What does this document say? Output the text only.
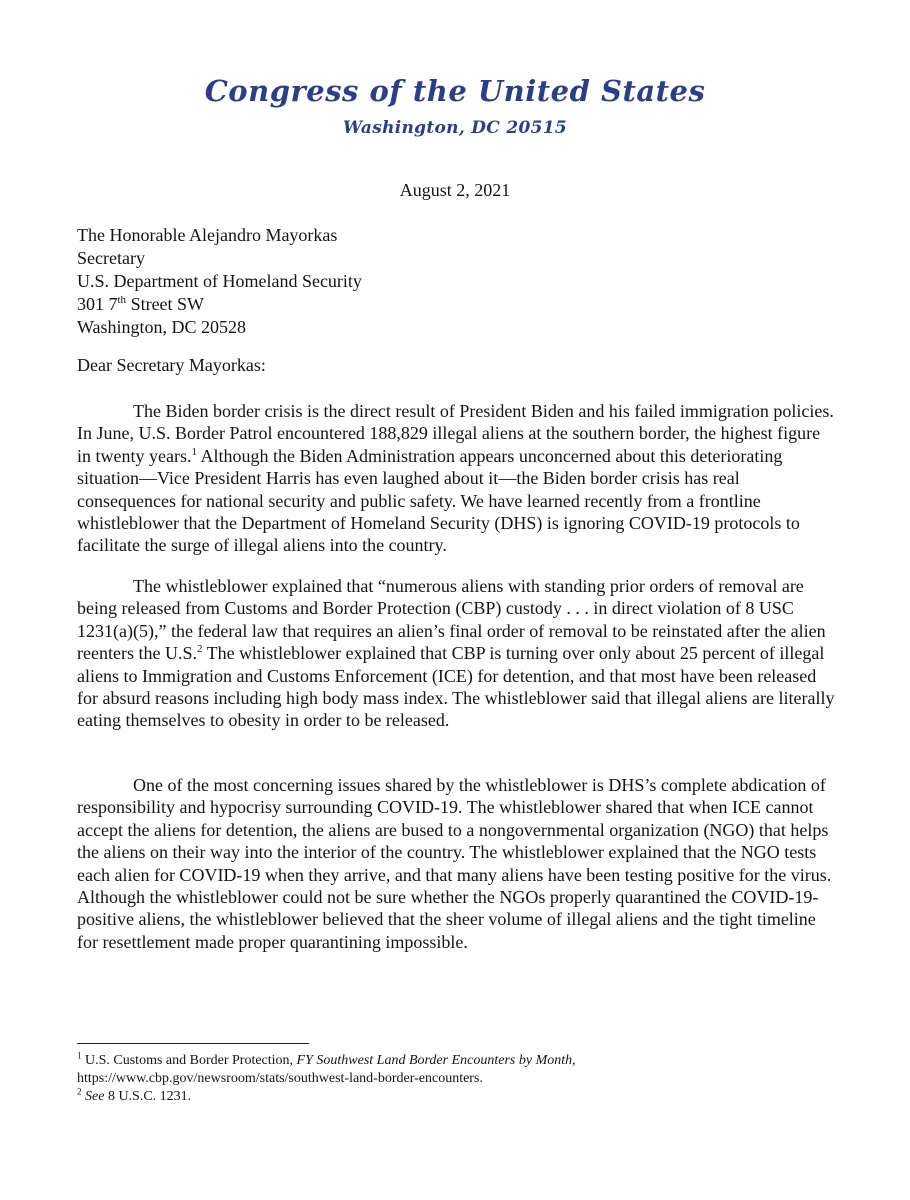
Congress of the United States
Washington, DC 20515
August 2, 2021
The Honorable Alejandro Mayorkas
Secretary
U.S. Department of Homeland Security
301 7th Street SW
Washington, DC 20528
Dear Secretary Mayorkas:

The Biden border crisis is the direct result of President Biden and his failed immigration policies. In June, U.S. Border Patrol encountered 188,829 illegal aliens at the southern border, the highest figure in twenty years.$^1$ Although the Biden Administration appears unconcerned about this deteriorating situation—Vice President Harris has even laughed about it—the Biden border crisis has real consequences for national security and public safety. We have learned recently from a frontline whistleblower that the Department of Homeland Security (DHS) is ignoring COVID-19 protocols to facilitate the surge of illegal aliens into the country.

The whistleblower explained that “numerous aliens with standing prior orders of removal are being released from Customs and Border Protection (CBP) custody . . . in direct violation of 8 USC 1231(a)(5),” the federal law that requires an alien’s final order of removal to be reinstated after the alien reenters the U.S.$^2$ The whistleblower explained that CBP is turning over only about 25 percent of illegal aliens to Immigration and Customs Enforcement (ICE) for detention, and that most have been released for absurd reasons including high body mass index. The whistleblower said that illegal aliens are literally eating themselves to obesity in order to be released.

One of the most concerning issues shared by the whistleblower is DHS’s complete abdication of responsibility and hypocrisy surrounding COVID-19. The whistleblower shared that when ICE cannot accept the aliens for detention, the aliens are bused to a nongovernmental organization (NGO) that helps the aliens on their way into the interior of the country. The whistleblower explained that the NGO tests each alien for COVID-19 when they arrive, and that many aliens have been testing positive for the virus. Although the whistleblower could not be sure whether the NGOs properly quarantined the COVID-19-positive aliens, the whistleblower believed that the sheer volume of illegal aliens and the tight timeline for resettlement made proper quarantining impossible.

$^1$ U.S. Customs and Border Protection, FY Southwest Land Border Encounters by Month,
https://www.cbp.gov/newsroom/stats/southwest-land-border-encounters.
$^2$ See 8 U.S.C. 1231.
